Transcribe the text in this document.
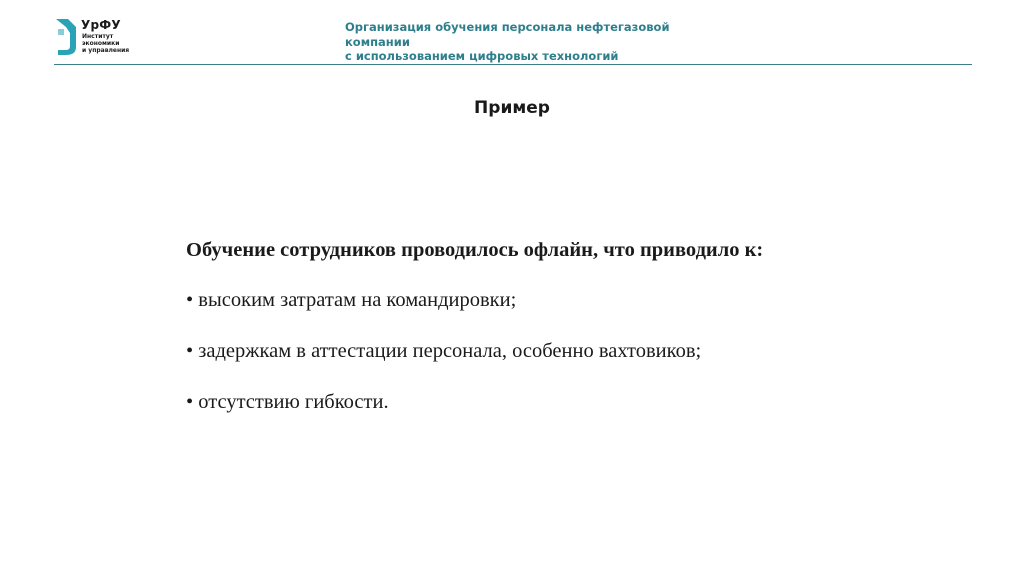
УрФУ
Институт
экономики
и управления
Организация обучения персонала нефтегазовой
компании
с использованием цифровых технологий
Пример

Обучение сотрудников проводилось офлайн, что приводило к:

• высоким затратам на командировки;

• задержкам в аттестации персонала, особенно вахтовиков;

• отсутствию гибкости.
